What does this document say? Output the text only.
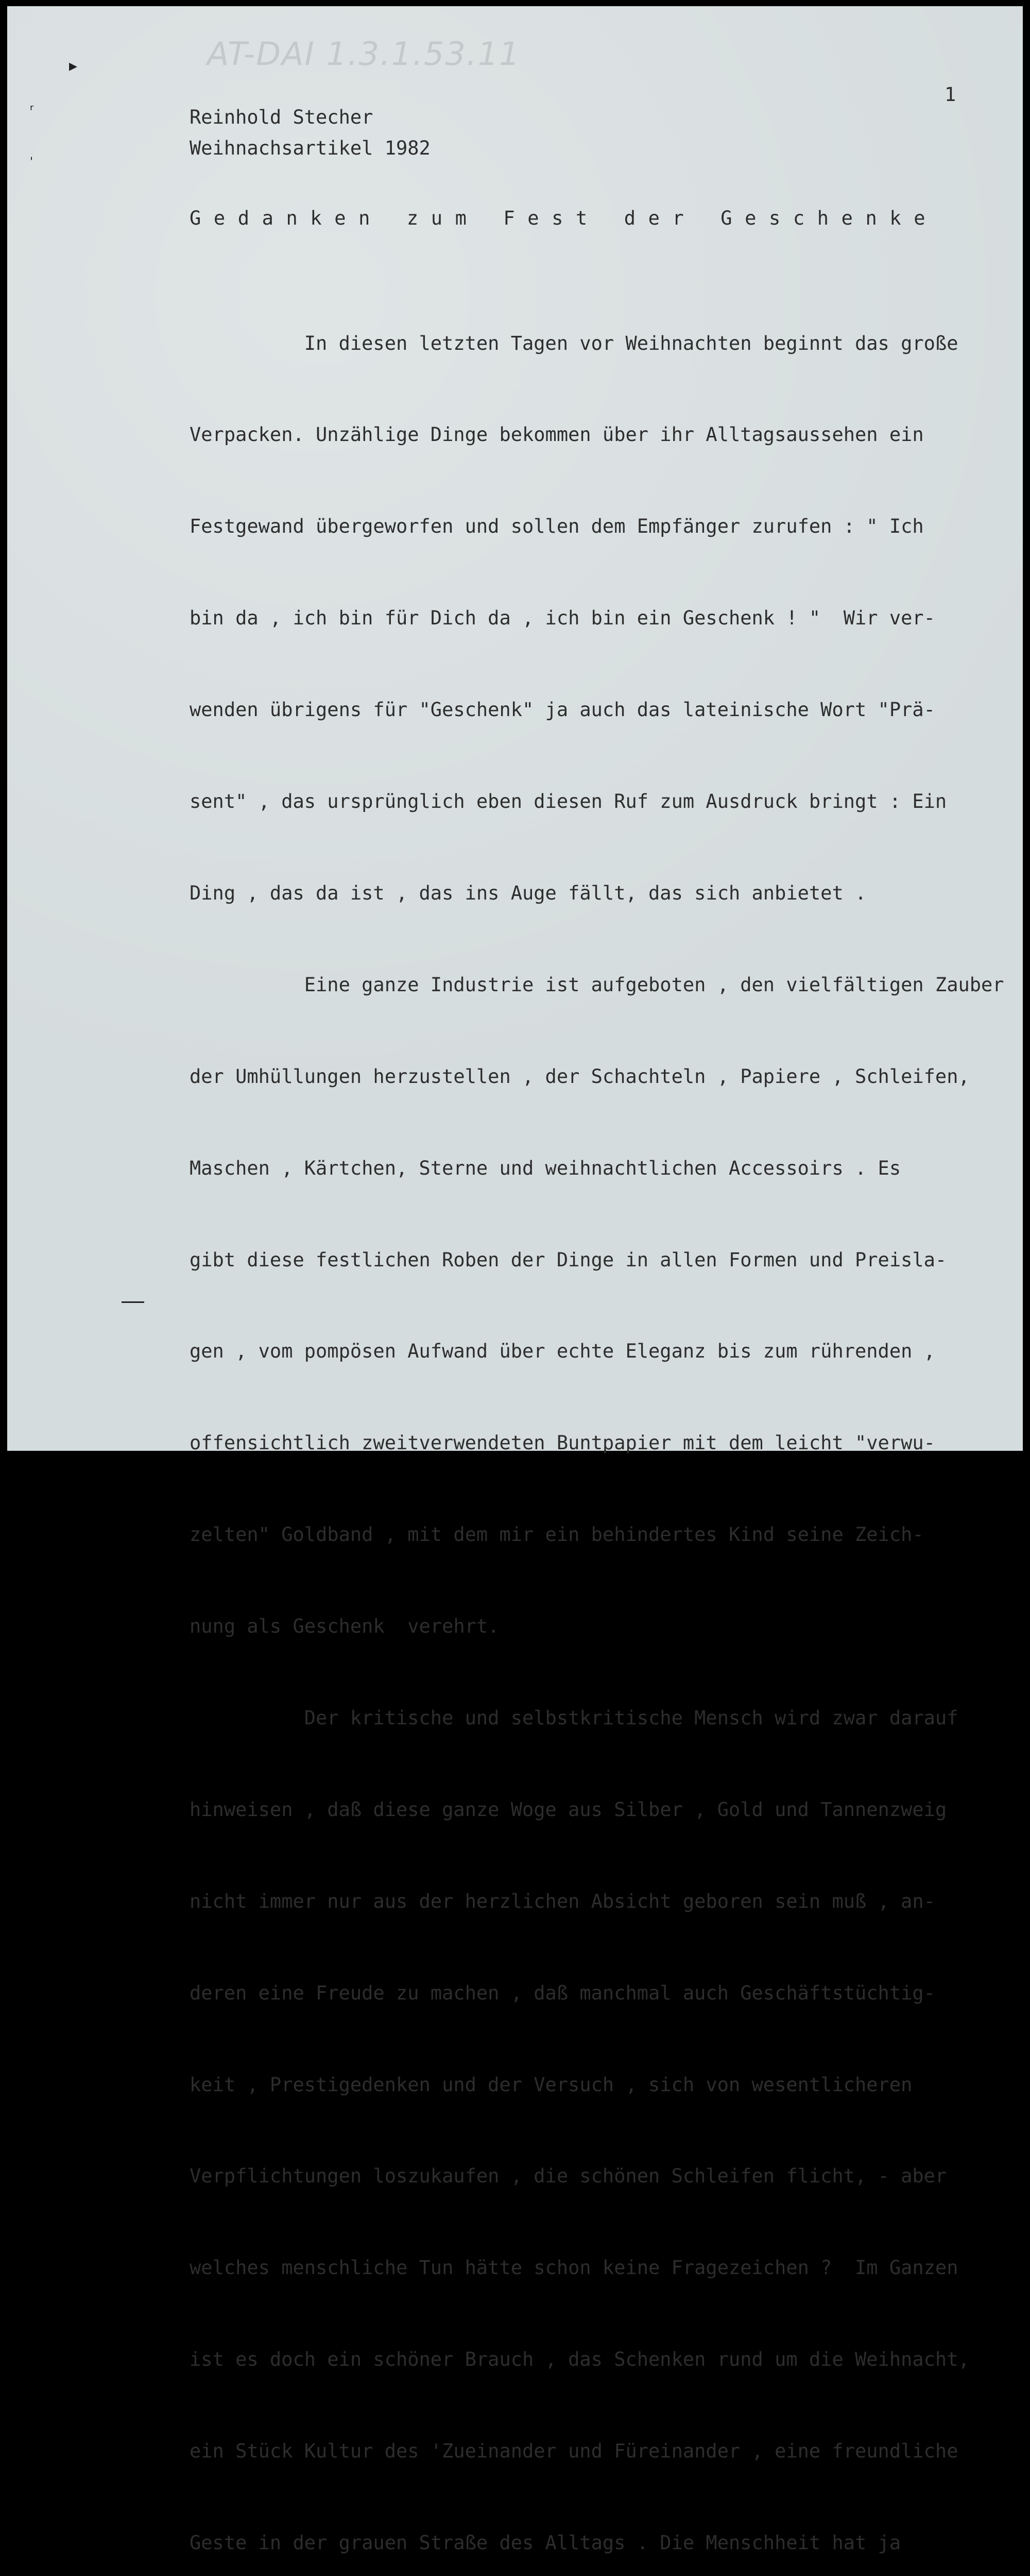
AT-DAI 1.3.1.53.11
▸
ᵣ
'
1
Reinhold Stecher
Weihnachsartikel 1982
Gedanken zum Fest der Geschenke

In diesen letzten Tagen vor Weihnachten beginnt das große

Verpacken. Unzählige Dinge bekommen über ihr Alltagsaussehen ein

Festgewand übergeworfen und sollen dem Empfänger zurufen : " Ich

bin da , ich bin für Dich da , ich bin ein Geschenk ! "  Wir ver-

wenden übrigens für "Geschenk" ja auch das lateinische Wort "Prä-

sent" , das ursprünglich eben diesen Ruf zum Ausdruck bringt : Ein

Ding , das da ist , das ins Auge fällt, das sich anbietet .

Eine ganze Industrie ist aufgeboten , den vielfältigen Zauber

der Umhüllungen herzustellen , der Schachteln , Papiere , Schleifen,

Maschen , Kärtchen, Sterne und weihnachtlichen Accessoirs . Es

gibt diese festlichen Roben der Dinge in allen Formen und Preisla-

gen , vom pompösen Aufwand über echte Eleganz bis zum rührenden ,

offensichtlich zweitverwendeten Buntpapier mit dem leicht "verwu-

zelten" Goldband , mit dem mir ein behindertes Kind seine Zeich-

nung als Geschenk  verehrt.

Der kritische und selbstkritische Mensch wird zwar darauf

hinweisen , daß diese ganze Woge aus Silber , Gold und Tannenzweig

nicht immer nur aus der herzlichen Absicht geboren sein muß , an-

deren eine Freude zu machen , daß manchmal auch Geschäftstüchtig-

keit , Prestigedenken und der Versuch , sich von wesentlicheren

Verpflichtungen loszukaufen , die schönen Schleifen flicht, - aber

welches menschliche Tun hätte schon keine Fragezeichen ?  Im Ganzen

ist es doch ein schöner Brauch , das Schenken rund um die Weihnacht,

ein Stück Kultur des 'Zueinander und Füreinander , eine freundliche

Geste in der grauen Straße des Alltags . Die Menschheit hat ja
